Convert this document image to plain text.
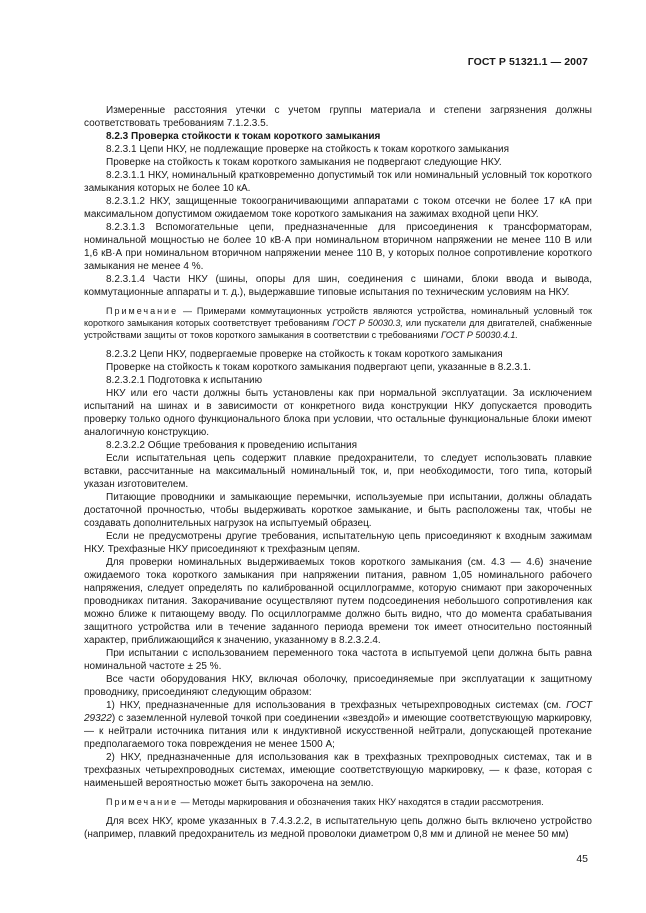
ГОСТ Р 51321.1 — 2007

Измеренные расстояния утечки с учетом группы материала и степени загрязнения должны соответствовать требованиям 7.1.2.3.5.

8.2.3 Проверка стойкости к токам короткого замыкания

8.2.3.1 Цепи НКУ, не подлежащие проверке на стойкость к токам короткого замыкания

Проверке на стойкость к токам короткого замыкания не подвергают следующие НКУ.

8.2.3.1.1 НКУ, номинальный кратковременно допустимый ток или номинальный условный ток короткого замыкания которых не более 10 кА.

8.2.3.1.2 НКУ, защищенные токоограничивающими аппаратами с током отсечки не более 17 кА при максимальном допустимом ожидаемом токе короткого замыкания на зажимах входной цепи НКУ.

8.2.3.1.3 Вспомогательные цепи, предназначенные для присоединения к трансформаторам, номинальной мощностью не более 10 кВ·А при номинальном вторичном напряжении не менее 110 В или 1,6 кВ·А при номинальном вторичном напряжении менее 110 В, у которых полное сопротивление короткого замыкания не менее 4 %.

8.2.3.1.4 Части НКУ (шины, опоры для шин, соединения с шинами, блоки ввода и вывода, коммутационные аппараты и т. д.), выдержавшие типовые испытания по техническим условиям на НКУ.

Примечание — Примерами коммутационных устройств являются устройства, номинальный условный ток короткого замыкания которых соответствует требованиям ГОСТ Р 50030.3, или пускатели для двигателей, снабженные устройствами защиты от токов короткого замыкания в соответствии с требованиями ГОСТ Р 50030.4.1.

8.2.3.2 Цепи НКУ, подвергаемые проверке на стойкость к токам короткого замыкания

Проверке на стойкость к токам короткого замыкания подвергают цепи, указанные в 8.2.3.1.

8.2.3.2.1 Подготовка к испытанию

НКУ или его части должны быть установлены как при нормальной эксплуатации. За исключением испытаний на шинах и в зависимости от конкретного вида конструкции НКУ допускается проводить проверку только одного функционального блока при условии, что остальные функциональные блоки имеют аналогичную конструкцию.

8.2.3.2.2 Общие требования к проведению испытания

Если испытательная цепь содержит плавкие предохранители, то следует использовать плавкие вставки, рассчитанные на максимальный номинальный ток, и, при необходимости, того типа, который указан изготовителем.

Питающие проводники и замыкающие перемычки, используемые при испытании, должны обладать достаточной прочностью, чтобы выдерживать короткое замыкание, и быть расположены так, чтобы не создавать дополнительных нагрузок на испытуемый образец.

Если не предусмотрены другие требования, испытательную цепь присоединяют к входным зажимам НКУ. Трехфазные НКУ присоединяют к трехфазным цепям.

Для проверки номинальных выдерживаемых токов короткого замыкания (см. 4.3 — 4.6) значение ожидаемого тока короткого замыкания при напряжении питания, равном 1,05 номинального рабочего напряжения, следует определять по калиброванной осциллограмме, которую снимают при закороченных проводниках питания. Закорачивание осуществляют путем подсоединения небольшого сопротивления как можно ближе к питающему вводу. По осциллограмме должно быть видно, что до момента срабатывания защитного устройства или в течение заданного периода времени ток имеет относительно постоянный характер, приближающийся к значению, указанному в 8.2.3.2.4.

При испытании с использованием переменного тока частота в испытуемой цепи должна быть равна номинальной частоте ± 25 %.

Все части оборудования НКУ, включая оболочку, присоединяемые при эксплуатации к защитному проводнику, присоединяют следующим образом:

1) НКУ, предназначенные для использования в трехфазных четырехпроводных системах (см. ГОСТ 29322) с заземленной нулевой точкой при соединении «звездой» и имеющие соответствующую маркировку, — к нейтрали источника питания или к индуктивной искусственной нейтрали, допускающей протекание предполагаемого тока повреждения не менее 1500 А;

2) НКУ, предназначенные для использования как в трехфазных трехпроводных системах, так и в трехфазных четырехпроводных системах, имеющие соответствующую маркировку, — к фазе, которая с наименьшей вероятностью может быть закорочена на землю.

Примечание — Методы маркирования и обозначения таких НКУ находятся в стадии рассмотрения.

Для всех НКУ, кроме указанных в 7.4.3.2.2, в испытательную цепь должно быть включено устройство (например, плавкий предохранитель из медной проволоки диаметром 0,8 мм и длиной не менее 50 мм)

45
